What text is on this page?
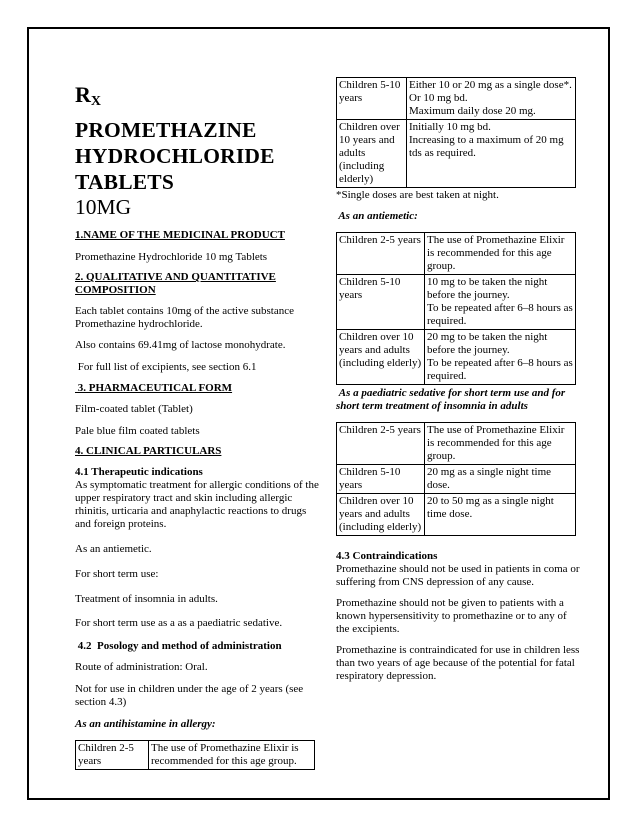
$R_X$
PROMETHAZINE
HYDROCHLORIDE
TABLETS
10MG
1.NAME OF THE MEDICINAL PRODUCT
Promethazine Hydrochloride 10 mg Tablets
2. QUALITATIVE AND QUANTITATIVE COMPOSITION
Each tablet contains 10mg of the active substance Promethazine hydrochloride.
Also contains 69.41mg of lactose monohydrate.
For full list of excipients, see section 6.1
3. PHARMACEUTICAL FORM
Film-coated tablet (Tablet)
Pale blue film coated tablets
4. CLINICAL PARTICULARS
4.1 Therapeutic indications
As symptomatic treatment for allergic conditions of the upper respiratory tract and skin including allergic rhinitis, urticaria and anaphylactic reactions to drugs and foreign proteins.
As an antiemetic.
For short term use:
Treatment of insomnia in adults.
For short term use as a as a paediatric sedative.
4.2  Posology and method of administration
Route of administration: Oral.
Not for use in children under the age of 2 years (see section 4.3)
As an antihistamine in allergy:
Children 2-5 years	The use of Promethazine Elixir is recommended for this age group.
Children 5-10 years	Either 10 or 20 mg as a single dose*.
Or 10 mg bd.
Maximum daily dose 20 mg.
Children over 10 years and adults (including elderly)	Initially 10 mg bd.
Increasing to a maximum of 20 mg tds as required.
*Single doses are best taken at night.
As an antiemetic:
Children 2-5 years	The use of Promethazine Elixir is recommended for this age group.
Children 5-10 years	10 mg to be taken the night before the journey.
To be repeated after 6–8 hours as required.
Children over 10 years and adults (including elderly)	20 mg to be taken the night before the journey.
To be repeated after 6–8 hours as required.
As a paediatric sedative for short term use and for short term treatment of insomnia in adults
Children 2-5 years	The use of Promethazine Elixir is recommended for this age group.
Children 5-10 years	20 mg as a single night time dose.
Children over 10 years and adults (including elderly)	20 to 50 mg as a single night time dose.
4.3 Contraindications
Promethazine should not be used in patients in coma or suffering from CNS depression of any cause.
Promethazine should not be given to patients with a known hypersensitivity to promethazine or to any of the excipients.
Promethazine is contraindicated for use in children less than two years of age because of the potential for fatal respiratory depression.
